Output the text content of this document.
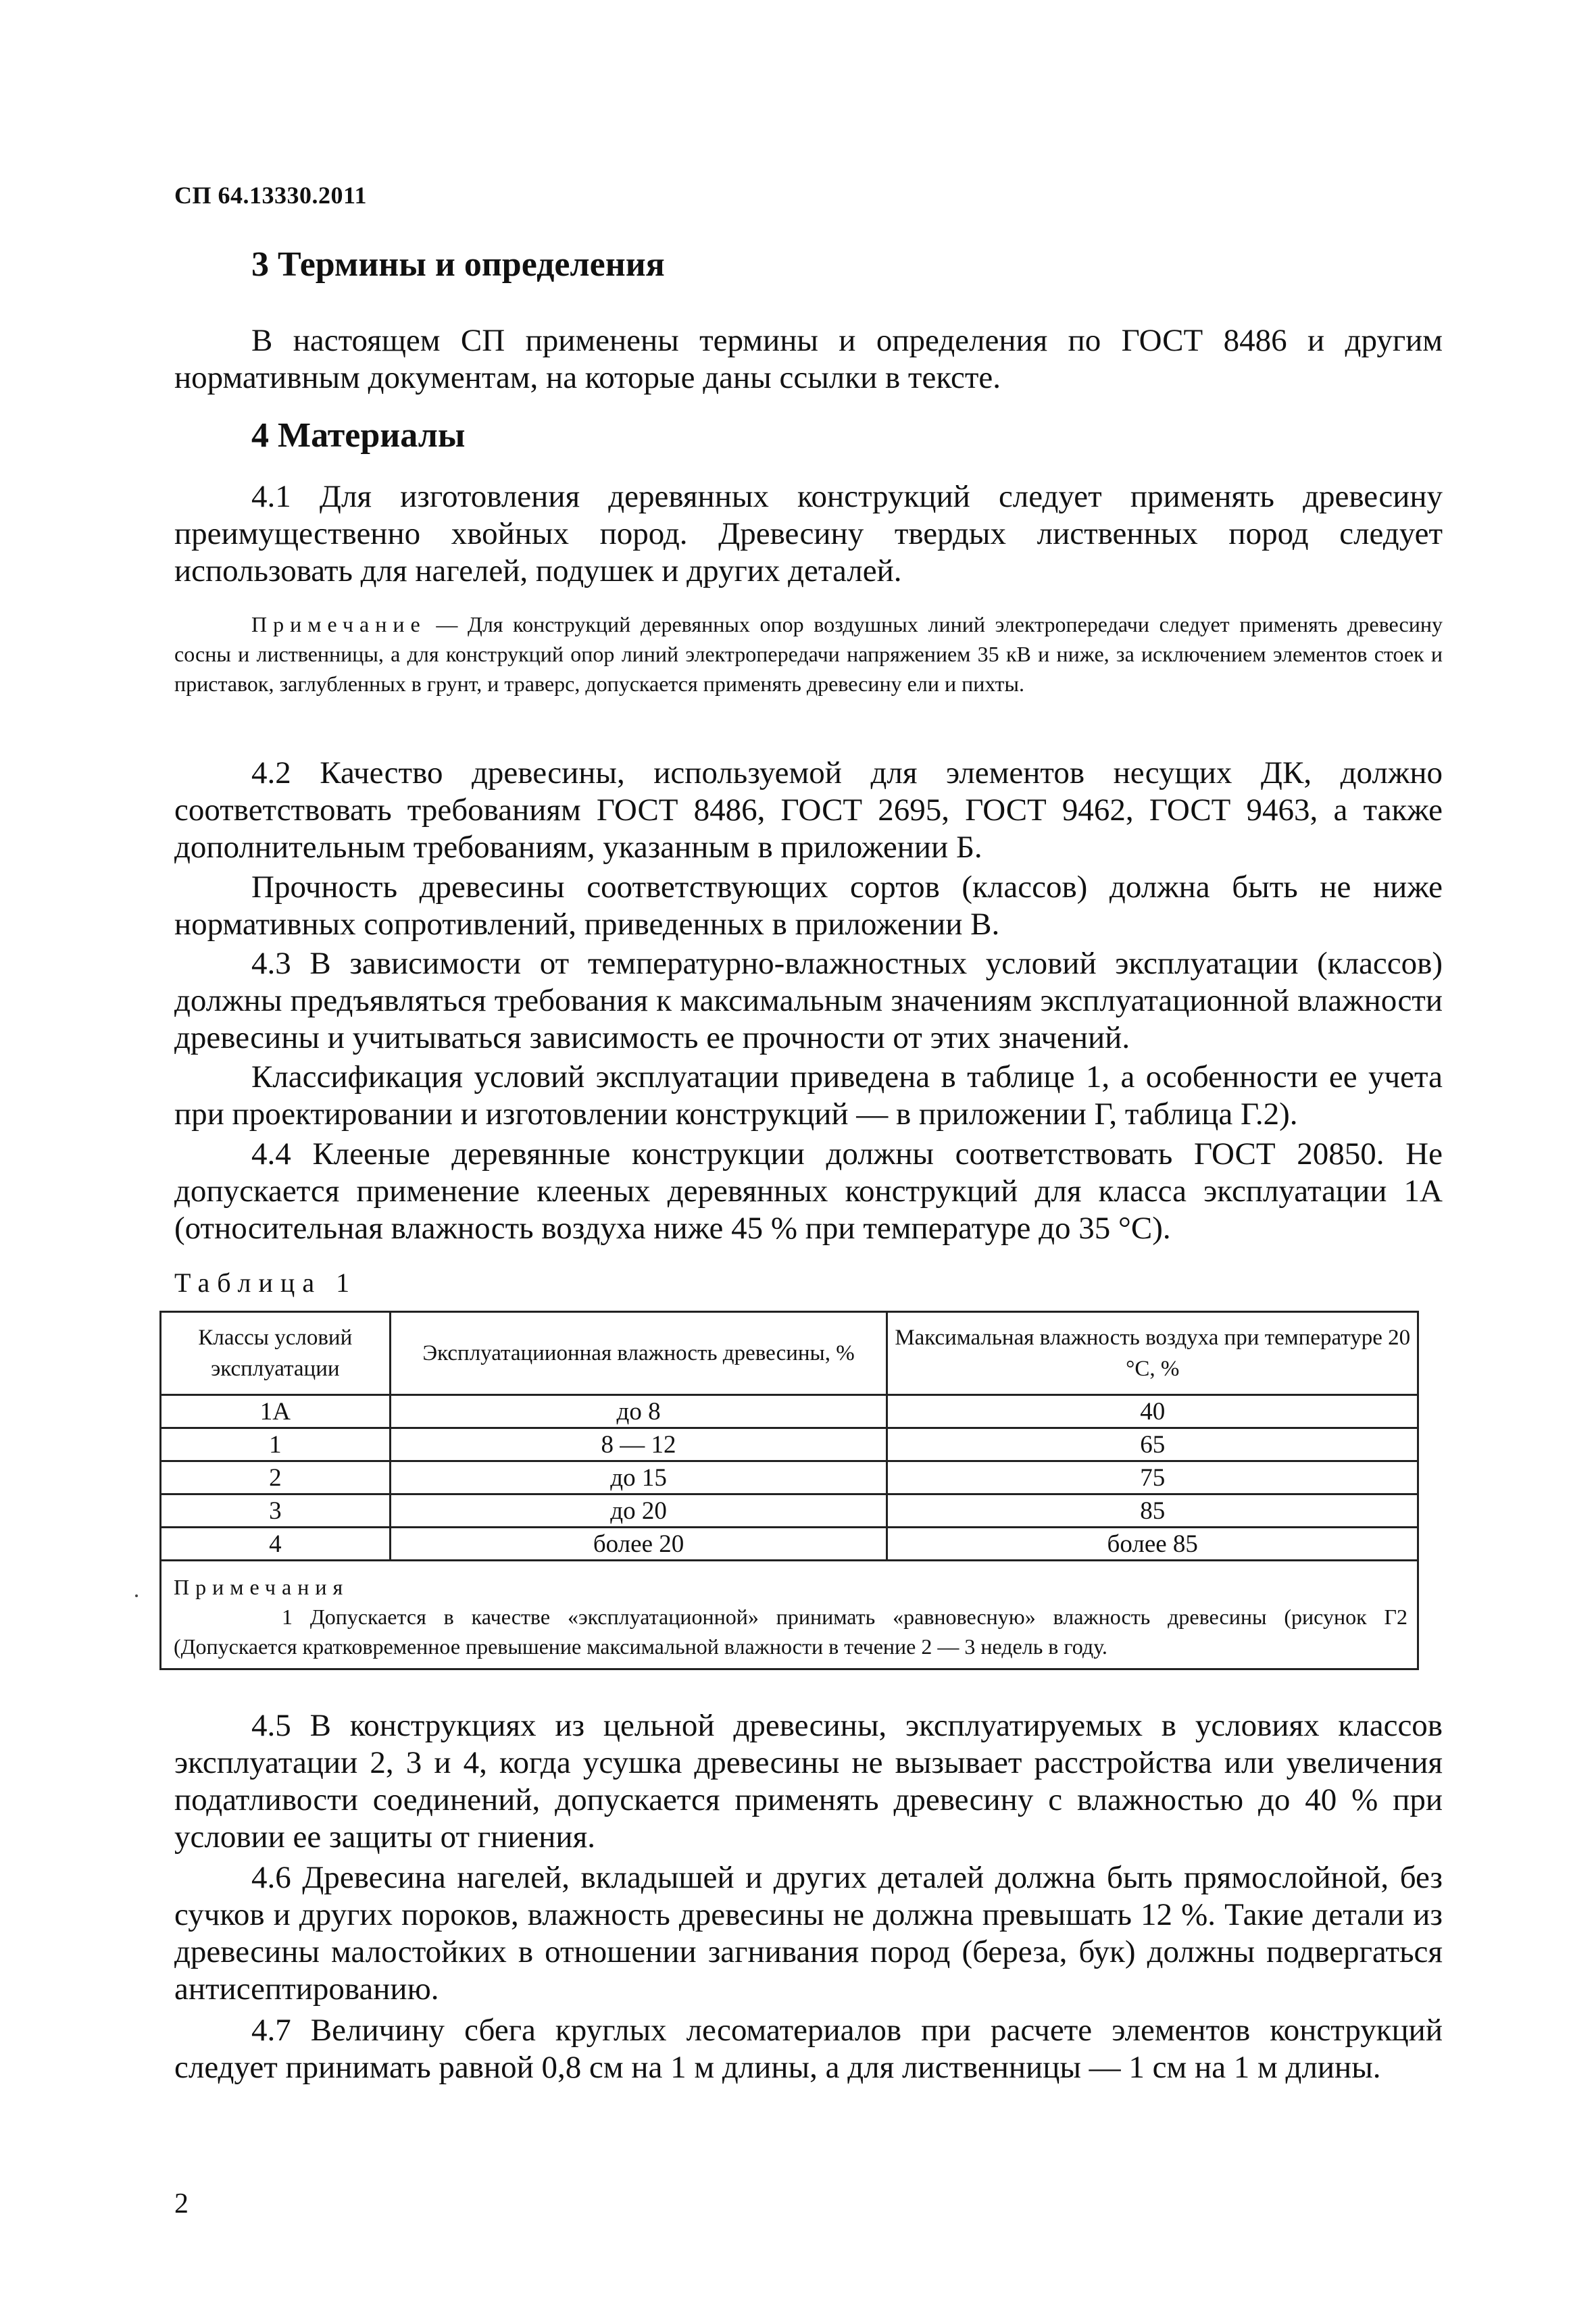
СП 64.13330.2011
3 Термины и определения

В настоящем СП применены термины и определения по ГОСТ 8486 и другим нормативным документам, на которые даны ссылки в тексте.

4 Материалы

4.1 Для изготовления деревянных конструкций следует применять древесину преимущественно хвойных пород. Древесину твердых лиственных пород следует использовать для нагелей, подушек и других деталей.

Примечание — Для конструкций деревянных опор воздушных линий электропередачи следует применять древесину сосны и лиственницы, а для конструкций опор линий электропередачи напряжением 35 кВ и ниже, за исключением элементов стоек и приставок, заглубленных в грунт, и траверс, допускается применять древесину ели и пихты.

4.2 Качество древесины, используемой для элементов несущих ДК, должно соответствовать требованиям ГОСТ 8486, ГОСТ 2695, ГОСТ 9462, ГОСТ 9463, а также дополнительным требованиям, указанным в приложении Б.

Прочность древесины соответствующих сортов (классов) должна быть не ниже нормативных сопротивлений, приведенных в приложении В.

4.3 В зависимости от температурно-влажностных условий эксплуатации (классов) должны предъявляться требования к максимальным значениям эксплуатационной влажности древесины и учитываться зависимость ее прочности от этих значений.

Классификация условий эксплуатации приведена в таблице 1, а особенности ее учета при проектировании и изготовлении конструкций — в приложении Г, таблица Г.2).

4.4 Клееные деревянные конструкции должны соответствовать ГОСТ 20850. Не допускается применение клееных деревянных конструкций для класса эксплуатации 1А (относительная влажность воздуха ниже 45 % при температуре до 35 °С).

Таблица 1
Классы условий эксплуатации	Эксплуатациионная влажность древесины, %	Максимальная влажность воздуха при температуре 20 °С, %
1А	до 8	40
1	8 — 12	65
2	до 15	75
3	до 20	85
4	более 20	более 85

Примечания
1 Допускается в качестве «эксплуатационной» принимать «равновесную» влажность древесины (рисунок Г2 (Допускается кратковременное превышение максимальной влажности в течение 2 — 3 недель в году.		

4.5 В конструкциях из цельной древесины, эксплуатируемых в условиях классов эксплуатации 2, 3 и 4, когда усушка древесины не вызывает расстройства или увеличения податливости соединений, допускается применять древесину с влажностью до 40 % при условии ее защиты от гниения.

4.6 Древесина нагелей, вкладышей и других деталей должна быть прямослойной, без сучков и других пороков, влажность древесины не должна превышать 12 %. Такие детали из древесины малостойких в отношении загнивания пород (береза, бук) должны подвергаться антисептированию.

4.7 Величину сбега круглых лесоматериалов при расчете элементов конструкций следует принимать равной 0,8 см на 1 м длины, а для лиственницы — 1 см на 1 м длины.

2
